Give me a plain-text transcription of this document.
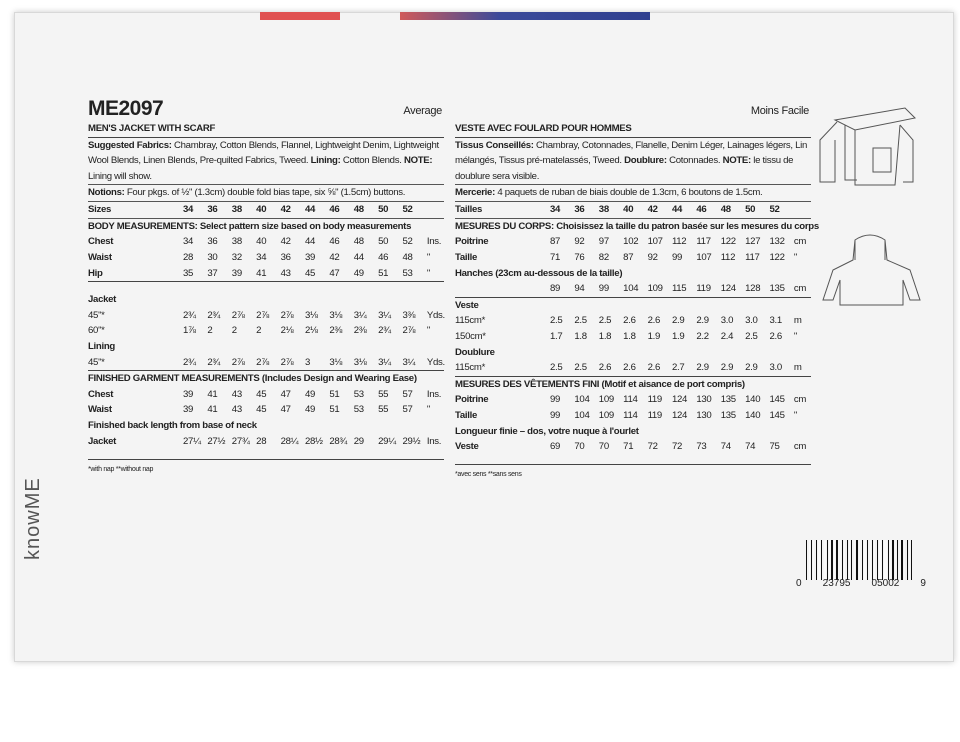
knowME
ME2097	Average
MEN'S JACKET WITH SCARF
Suggested Fabrics: Chambray, Cotton Blends, Flannel, Lightweight Denim, Lightweight Wool Blends, Linen Blends, Pre-quilted Fabrics, Tweed. Lining: Cotton Blends. NOTE: Lining will show.
Notions: Four pkgs. of ½" (1.3cm) double fold bias tape, six ⅝" (1.5cm) buttons.
Sizes	34	36	38	40	42	44	46	48	50	52
BODY MEASUREMENTS: Select pattern size based on body measurements
Chest	34	36	38	40	42	44	46	48	50	52	Ins.
Waist	28	30	32	34	36	39	42	44	46	48	"
Hip	35	37	39	41	43	45	47	49	51	53	"
Jacket
45"*	2¾	2¾	2⅞	2⅞	2⅞	3⅛	3⅛	3¼	3¼	3⅜	Yds.
60"*	1⅞	2	2	2	2⅛	2⅛	2⅜	2⅜	2¾	2⅞	"
Lining
45"*	2¾	2¾	2⅞	2⅞	2⅞	3	3⅛	3⅛	3¼	3¼	Yds.
FINISHED GARMENT MEASUREMENTS (Includes Design and Wearing Ease)
Chest	39	41	43	45	47	49	51	53	55	57	Ins.
Waist	39	41	43	45	47	49	51	53	55	57	"
Finished back length from base of neck
Jacket	27¼ 27½ 27¾ 28	28¼ 28½ 28¾ 29	29¼ 29½ Ins.
*with nap **without nap
Moins Facile
VESTE AVEC FOULARD POUR HOMMES
Tissus Conseillés: Chambray, Cotonnades, Flanelle, Denim Léger, Lainages légers, Lin mélangés, Tissus pré-matelassés, Tweed. Doublure: Cotonnades. NOTE: le tissu de doublure sera visible.
Mercerie: 4 paquets de ruban de biais double de 1.3cm, 6 boutons de 1.5cm.
Tailles	34	36	38	40	42	44	46	48	50	52
MESURES DU CORPS: Choisissez la taille du patron basée sur les mesures du corps
Poitrine	87	92	97	102 107 112	117	122 127 132 cm
Taille	71	76	82	87	92	99	107 112	117	122 "
Hanches (23cm au-dessous de la taille)
89	94	99	104 109 115	119	124 128 135 cm
Veste
115cm*	2.5	2.5	2.5	2.6	2.6	2.9	2.9	3.0	3.0	3.1	m
150cm*	1.7	1.8	1.8	1.8	1.9	1.9	2.2	2.4	2.5	2.6	"
Doublure
115cm*	2.5	2.5	2.6	2.6	2.6	2.7	2.9	2.9	2.9	3.0	m
MESURES DES VÊTEMENTS FINI (Motif et aisance de port compris)
Poitrine	99	104 109 114	119	124 130 135 140 145 cm
Taille	99	104 109 114	119	124 130 135 140 145 "
Longueur finie – dos, votre nuque à l'ourlet
Veste	69	70	70	71	72	72	73	74	74	75	cm
*avec sens **sans sens
0 23795 05002 9
